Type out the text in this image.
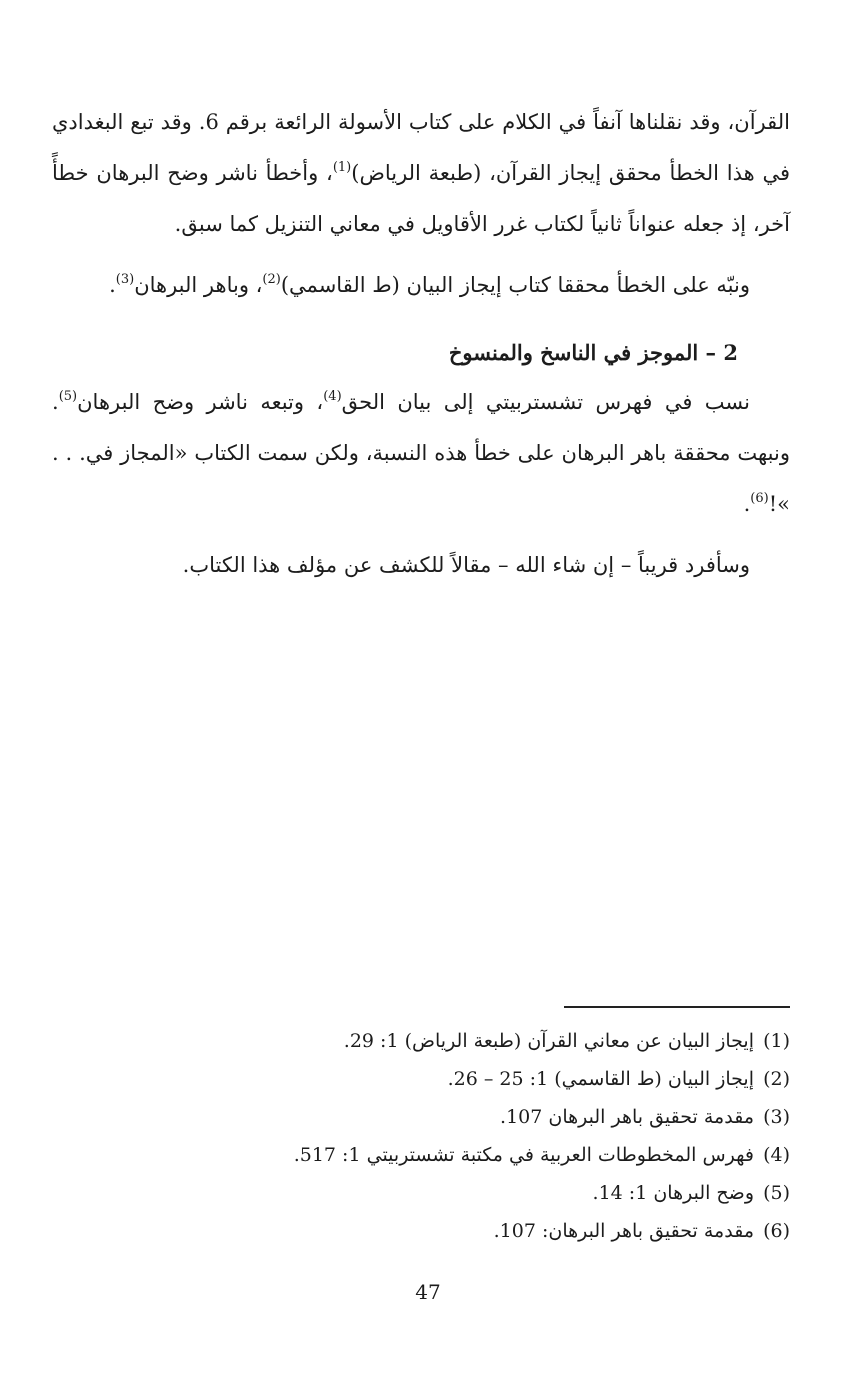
القرآن، وقد نقلناها آنفاً في الكلام على كتاب الأسولة الرائعة برقم 6. وقد تبع البغدادي في هذا الخطأ محقق إيجاز القرآن، (طبعة الرياض)$^{(1)}$، وأخطأ ناشر وضح البرهان خطأً آخر، إذ جعله عنواناً ثانياً لكتاب غرر الأقاويل في معاني التنزيل كما سبق.

ونبّه على الخطأ محققا كتاب إيجاز البيان (ط القاسمي)$^{(2)}$، وباهر البرهان$^{(3)}$.

2 – الموجز في الناسخ والمنسوخ

نسب في فهرس تشستربيتي إلى بيان الحق$^{(4)}$، وتبعه ناشر وضح البرهان$^{(5)}$. ونبهت محققة باهر البرهان على خطأ هذه النسبة، ولكن سمت الكتاب «المجاز في. . . »!$^{(6)}$.

وسأفرد قريباً – إن شاء الله – مقالاً للكشف عن مؤلف هذا الكتاب.

(1)إيجاز البيان عن معاني القرآن (طبعة الرياض) 1: 29.
(2)إيجاز البيان (ط القاسمي) 1: 25 – 26.
(3)مقدمة تحقيق باهر البرهان 107.
(4)فهرس المخطوطات العربية في مكتبة تشستربيتي 1: 517.
(5)وضح البرهان 1: 14.
(6)مقدمة تحقيق باهر البرهان: 107.
47
